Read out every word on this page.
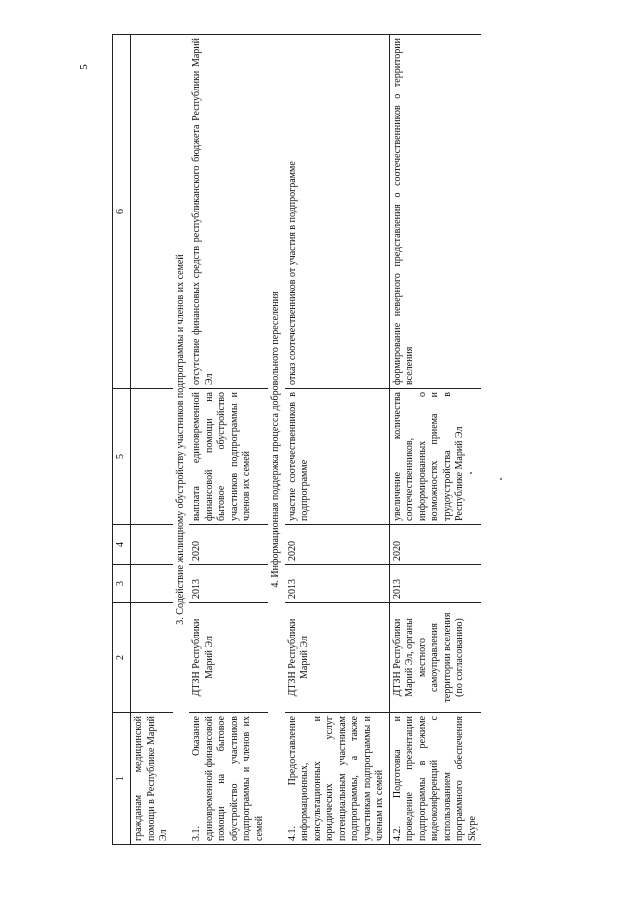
5
1	2	3	4	5	6
гражданам медицинской помощи в Республике Марий Эл					
3. Содействие жилищному обустройству участников подпрограммы и членов их семей					
3.1. Оказание единовременной финансовой помощи на бытовое обустройство участников подпрограммы и членов их семей	ДТЗН Республики Марий Эл	2013	2020	выплата единовременной финансовой помощи на бытовое обустройство участников подпрограммы и членов их семей	отсутствие финансовых средств республиканского бюджета Республики Марий Эл
4. Информационная поддержка процесса добровольного переселения					
4.1. Предоставление информационных, консультационных и юридических услуг потенциальным участникам подпрограммы, а также участникам подпрограммы и членам их семей	ДТЗН Республики Марий Эл	2013	2020	участие соотечественников в подпрограмме	отказ соотечественников от участия в подпрограмме
4.2. Подготовка и проведение презентации подпрограммы в режиме видеоконференций с использованием программного обеспечения Skype	ДТЗН Республики Марий Эл, органы местного самоуправления территории вселения (по согласованию)	2013	2020	увеличение количества соотечественников, информированных о возможностях приема и трудоустройства в Республике Марий Эл	формирование неверного представления о соотечественников о территории вселения
